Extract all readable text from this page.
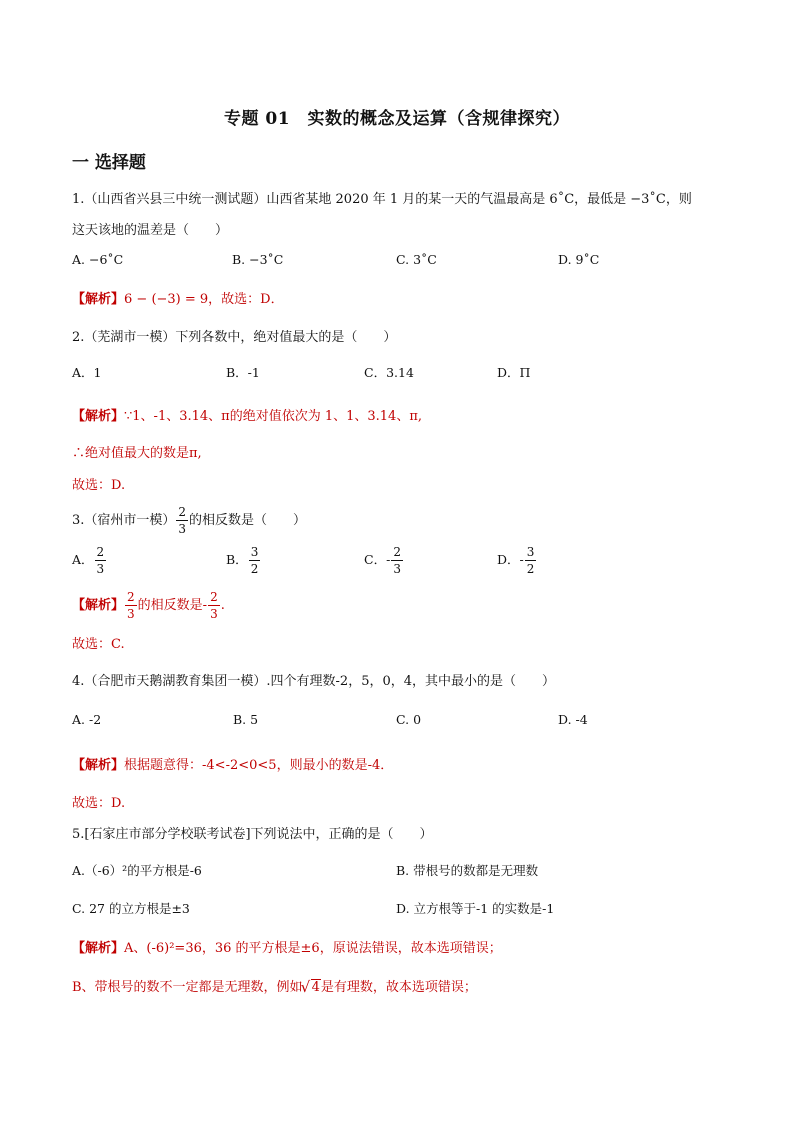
专题 01　实数的概念及运算（含规律探究）
一 选择题
1.（山西省兴县三中统一测试题）山西省某地 2020 年 1 月的某一天的气温最高是 6˚C，最低是 −3˚C，则
这天该地的温差是（　　）
A. −6˚C	B. −3˚C	C. 3˚C	D. 9˚C
【解析】6 − (−3) = 9，故选：D．
2.（芜湖市一模）下列各数中，绝对值最大的是（　　）
A．1	B．-1	C．3.14	D．Π
【解析】∵1、-1、3.14、π的绝对值依次为 1、1、3.14、π,
∴绝对值最大的数是π,
故选：D.
3.（宿州市一模） $\frac{2}{3}$ 的相反数是（　　）
A． $\frac{2}{3}$	B． $\frac{3}{2}$	C．- $\frac{2}{3}$	D．- $\frac{3}{2}$
【解析】 $\frac{2}{3}$ 的相反数是- $\frac{2}{3}$ .
故选：C.
4.（合肥市天鹅湖教育集团一模）.四个有理数-2，5，0，4，其中最小的是（　　）
A. -2	B. 5	C. 0	D. -4
【解析】根据题意得：-4<-2<0<5，则最小的数是-4．
故选：D.
5.[石家庄市部分学校联考试卷]下列说法中，正确的是（　　）
A.（-6）²的平方根是-6	B. 带根号的数都是无理数
C. 27 的立方根是±3	D. 立方根等于-1 的实数是-1
【解析】A、(-6)²=36，36 的平方根是±6，原说法错误，故本选项错误；
B、带根号的数不一定都是无理数，例如√ 4是有理数，故本选项错误；
